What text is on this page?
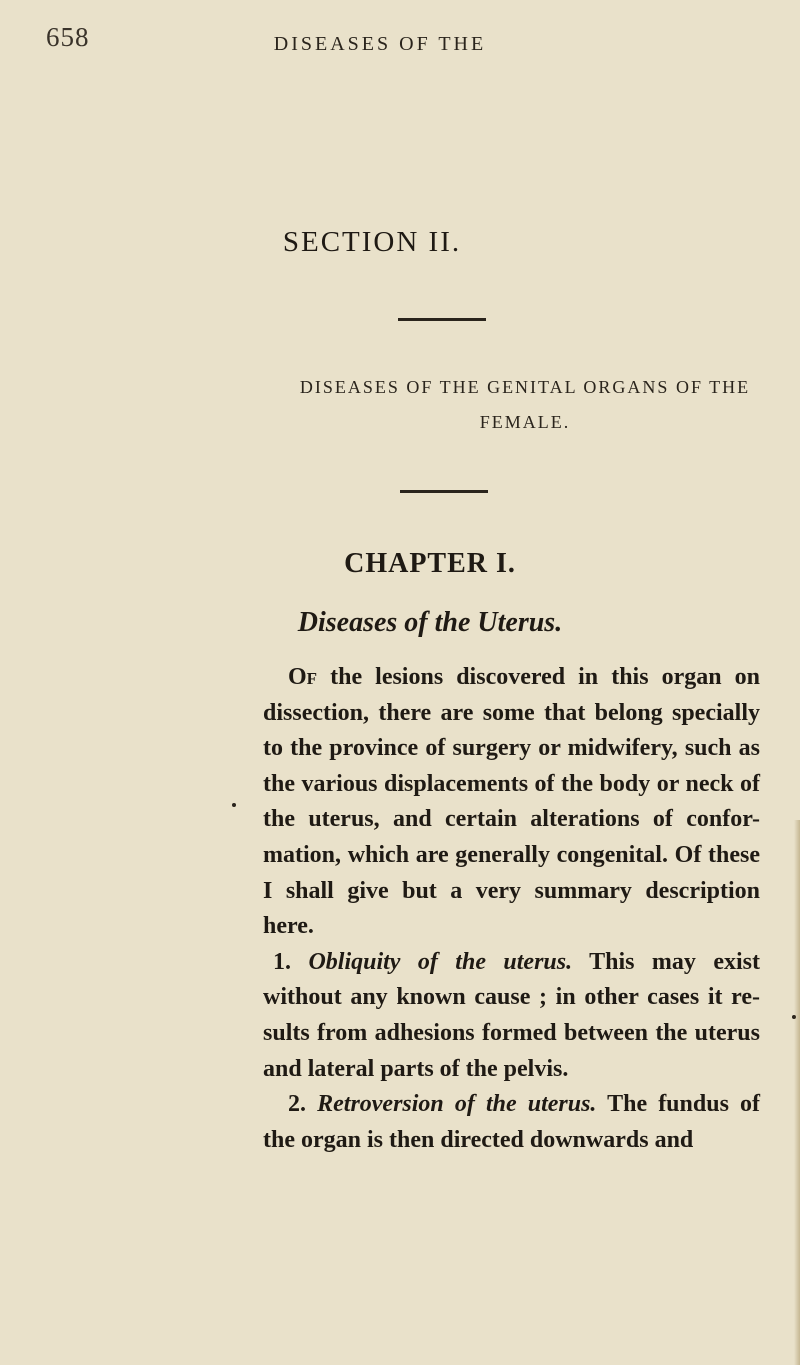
658	DISEASES OF THE
SECTION II.
DISEASES OF THE GENITAL ORGANS OF THE
FEMALE.
CHAPTER I.
Diseases of the Uterus.

Of the lesions discovered in this organ on dissection, there are some that belong specially to the province of surgery or midwifery, such as the various displacements of the body or neck of the uterus, and certain alterations of confor-mation, which are generally congenital. Of these I shall give but a very summary description here.

1. Obliquity of the uterus. This may exist without any known cause ; in other cases it re-sults from adhesions formed between the uterus and lateral parts of the pelvis.

2. Retroversion of the uterus. The fundus of the organ is then directed downwards and
